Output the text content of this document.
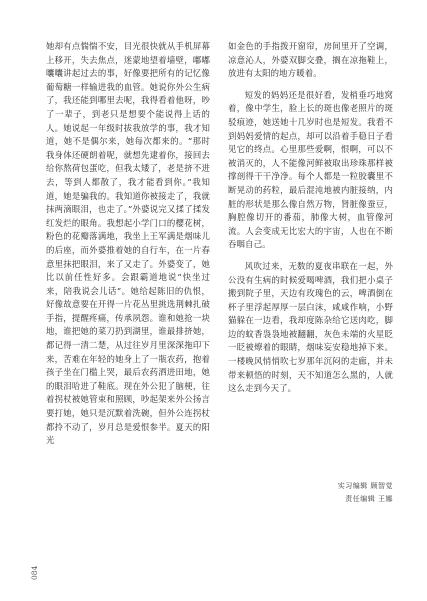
她却有点惴惴不安，目光很快就从手机屏幕上移开，失去焦点，迷蒙地望着墙壁，嘟嘟囔囔讲起过去的事，好像要把所有的记忆像葡萄糖一样输进我的血管。她说你外公生病了，我还能到哪里去呢，我得看着他呀，吵了一辈子，到老只是想要个能说得上话的人。她说起一年级时拔我放学的事，我才知道，她不是偶尔来，她每次都来的。“那时我身体还硬朗着呢，就想先逮着你，接回去给你熬荷包蛋吃，但我太矮了，老是挤不进去，等到人都散了，我才能看到你。”我知道，她是骗我的。我知道你被接走了，我就抹两滴眼泪，也走了。”外婆说完又揉了揉发红发烂的眼角。我想起小学门口的樱花树，粉色的花瓣落满地，我坐上王军满是烟味儿的后座，而外婆推着她的自行车，在一片春意里抹把眼泪，来了又走了。外婆变了，她比以前任性好多。会跟霸道地说“快坐过来，陪我说会儿话”。她给起陈旧的仇恨，好像故意要在开得一片花丛里挑选荆棘扎破手指，提醒疼痛，传承夙怨。谁和她抢一块地，谁把她的菜刀扔到湖里，谁最排挤她，都记得一清二楚，从过往岁月里深深拖印下来，苦难在年轻的她身上了一瓶农药，抱着孩子坐在门槛上哭，最后农药洒进田地，她的眼泪哈进了鞋底。现在外公犯了脑梗，往着拐杖被她管束和照顾，吵起架来外公扬言要打她，她只是沉默着洗碗，但外公连拐杖都拎不动了，岁月总是爱恨参半。夏天的阳光

如金色的手指拨开窗帘，房间里开了空调，凉意沁人，外婆双脚交叠，搁在凉拖鞋上，放进有太阳的地方暖着。

短发的妈妈还是很好看，发梢垂巧地窝着，像中学生，脸上长的斑也像老照片的斑驳痕迹，她送她十几岁时也是短发。我看不到妈妈爱情的起点，却可以沿着手稳日子看见它的终点。心里那些爱啊，恨啊，可以不被消灭的，人不能像河鲜被取出珍珠那样被撑剖得干干净净。每个人都是一粒胶囊里不断晃动的药粒，最后混沌地被内脏接纳，内脏的形状是那么像自然万物，肾脏像蚕豆，胸腔像切开的番茄，肺像大树，血管像河流。人会变成无比宏大的宇宙，人也在不断吞咽自己。

风吹过来，无数的夏夜串联在一起，外公没有生病的时候爱喝啤酒，我们把小桌子搬到院子里，天边有玫瑰色的云，啤酒倒在杯子里浮起厚厚一层白沫，咸咸作响，小野猫躲在一边看，我却度陈杂给它送肉吃，脚边的蚊香袅袅地被翻翻，灰色未端的火星眨一眨被燎着的眼睛，烟味妄安稳地掉下来。一楼晚风悄悄吹七岁那年沉闷的走廊，并未带来顿悟的时刻，天不知道怎么黑的，人就这么走到今天了。

实习编辑 顾智觉
责任编辑 王娜
084
